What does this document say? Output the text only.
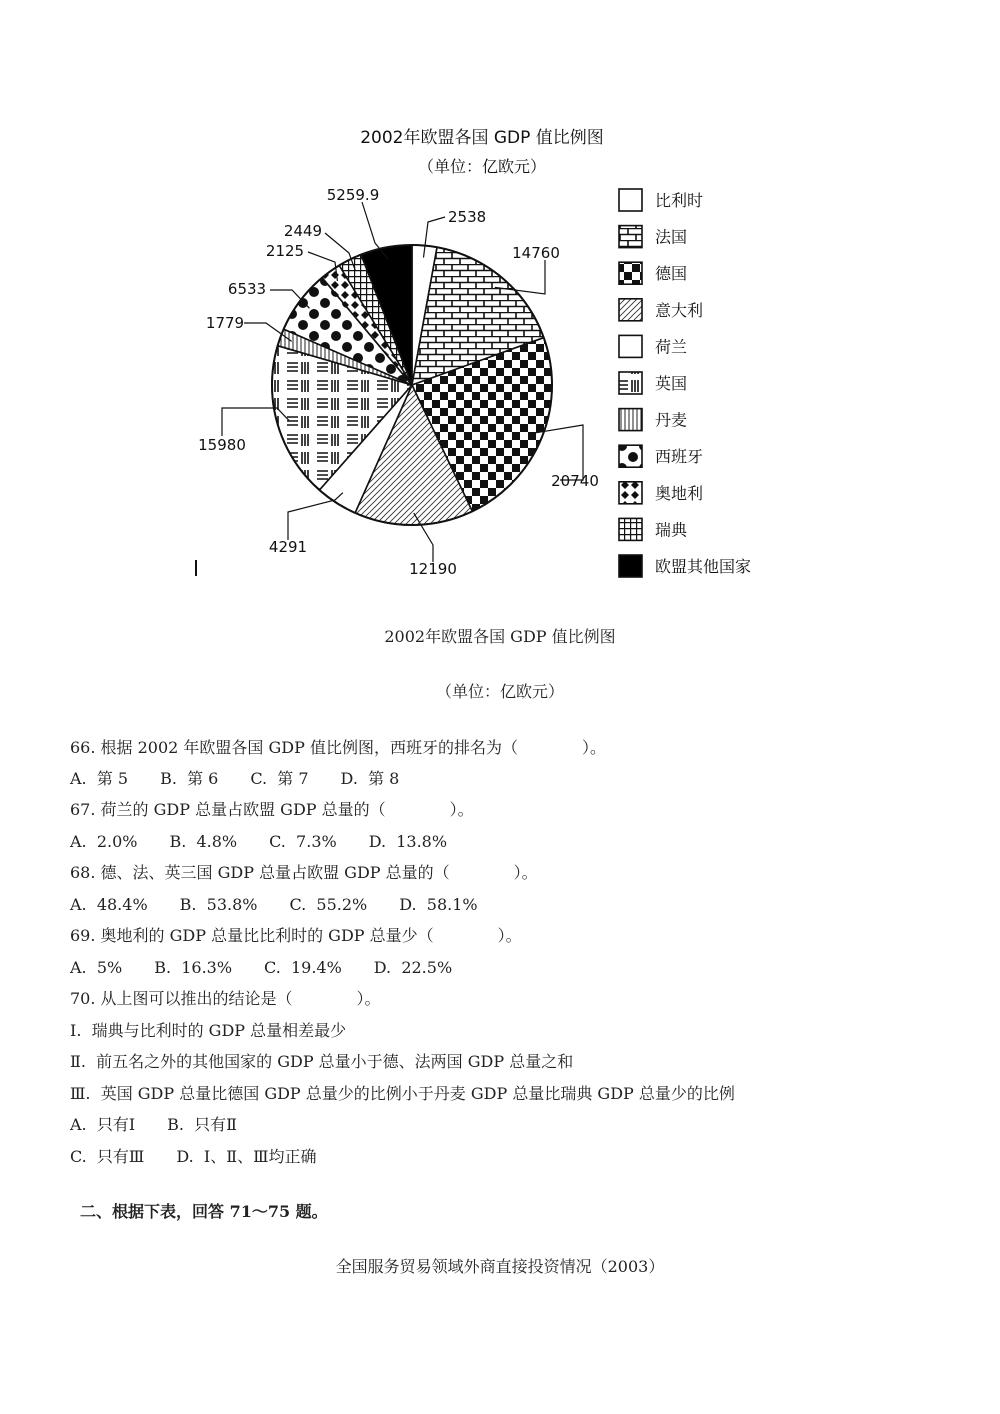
2002年欧盟各国 GDP 值比例图
（单位：亿欧元）
2538
14760
20740
12190
4291
15980
1779
6533
2125
2449
5259.9	比利时
法国
德国
意大利
荷兰
英国
丹麦
西班牙
奥地利
瑞典
欧盟其他国家
2002年欧盟各国 GDP 值比例图
（单位：亿欧元）
66. 根据 2002 年欧盟各国 GDP 值比例图，西班牙的排名为（　　　　）。
A.  第 5　　B.  第 6　　C.  第 7　　D.  第 8
67. 荷兰的 GDP 总量占欧盟 GDP 总量的（　　　　）。
A.  2.0%　　B.  4.8%　　C.  7.3%　　D.  13.8%
68. 德、法、英三国 GDP 总量占欧盟 GDP 总量的（　　　　）。
A.  48.4%　　B.  53.8%　　C.  55.2%　　D.  58.1%
69. 奥地利的 GDP 总量比比利时的 GDP 总量少（　　　　）。
A.  5%　　B.  16.3%　　C.  19.4%　　D.  22.5%
70. 从上图可以推出的结论是（　　　　）。
Ⅰ.  瑞典与比利时的 GDP 总量相差最少
Ⅱ.  前五名之外的其他国家的 GDP 总量小于德、法两国 GDP 总量之和
Ⅲ.  英国 GDP 总量比德国 GDP 总量少的比例小于丹麦 GDP 总量比瑞典 GDP 总量少的比例
A.  只有Ⅰ　　B.  只有Ⅱ
C.  只有Ⅲ　　D.  Ⅰ、Ⅱ、Ⅲ均正确
二、根据下表，回答 71～75 题。
全国服务贸易领域外商直接投资情况（2003）
